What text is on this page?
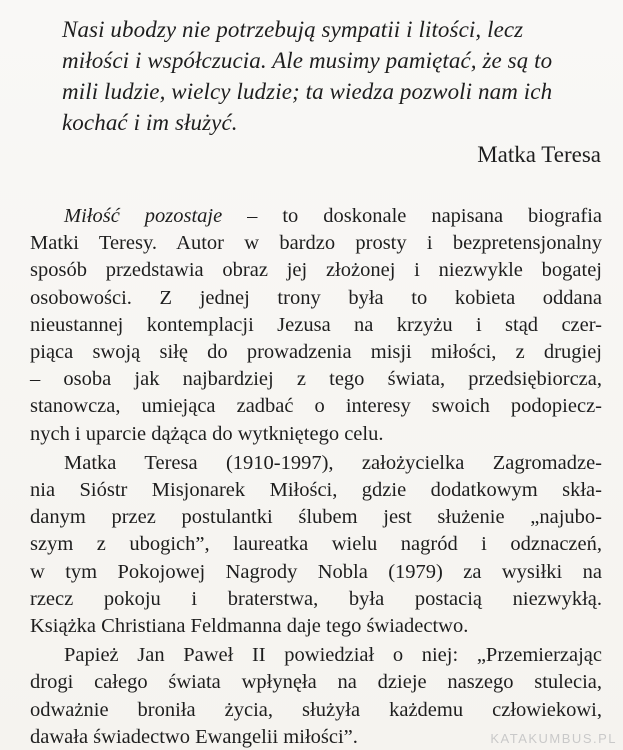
Nasi ubodzy nie potrzebują sympatii i litości, lecz
miłości i współczucia. Ale musimy pamiętać, że są to
mili ludzie, wielcy ludzie; ta wiedza pozwoli nam ich
kochać i im służyć.
Matka Teresa
Miłość pozostaje – to doskonale napisana biografia
Matki Teresy. Autor w bardzo prosty i bezpretensjonalny
sposób przedstawia obraz jej złożonej i niezwykle bogatej
osobowości. Z jednej trony była to kobieta oddana
nieustannej kontemplacji Jezusa na krzyżu i stąd czer-
piąca swoją siłę do prowadzenia misji miłości, z drugiej
– osoba jak najbardziej z tego świata, przedsiębiorcza,
stanowcza, umiejąca zadbać o interesy swoich podopiecz-
nych i uparcie dążąca do wytkniętego celu.
Matka Teresa (1910-1997), założycielka Zagromadze-
nia Sióstr Misjonarek Miłości, gdzie dodatkowym skła-
danym przez postulantki ślubem jest służenie „najubo-
szym z ubogich”, laureatka wielu nagród i odznaczeń,
w tym Pokojowej Nagrody Nobla (1979) za wysiłki na
rzecz pokoju i braterstwa, była postacią niezwykłą.
Książka Christiana Feldmanna daje tego świadectwo.
Papież Jan Paweł II powiedział o niej: „Przemierzając
drogi całego świata wpłynęła na dzieje naszego stulecia,
odważnie broniła życia, służyła każdemu człowiekowi,
dawała świadectwo Ewangelii miłości”.	KATAKUMBUS.PL
